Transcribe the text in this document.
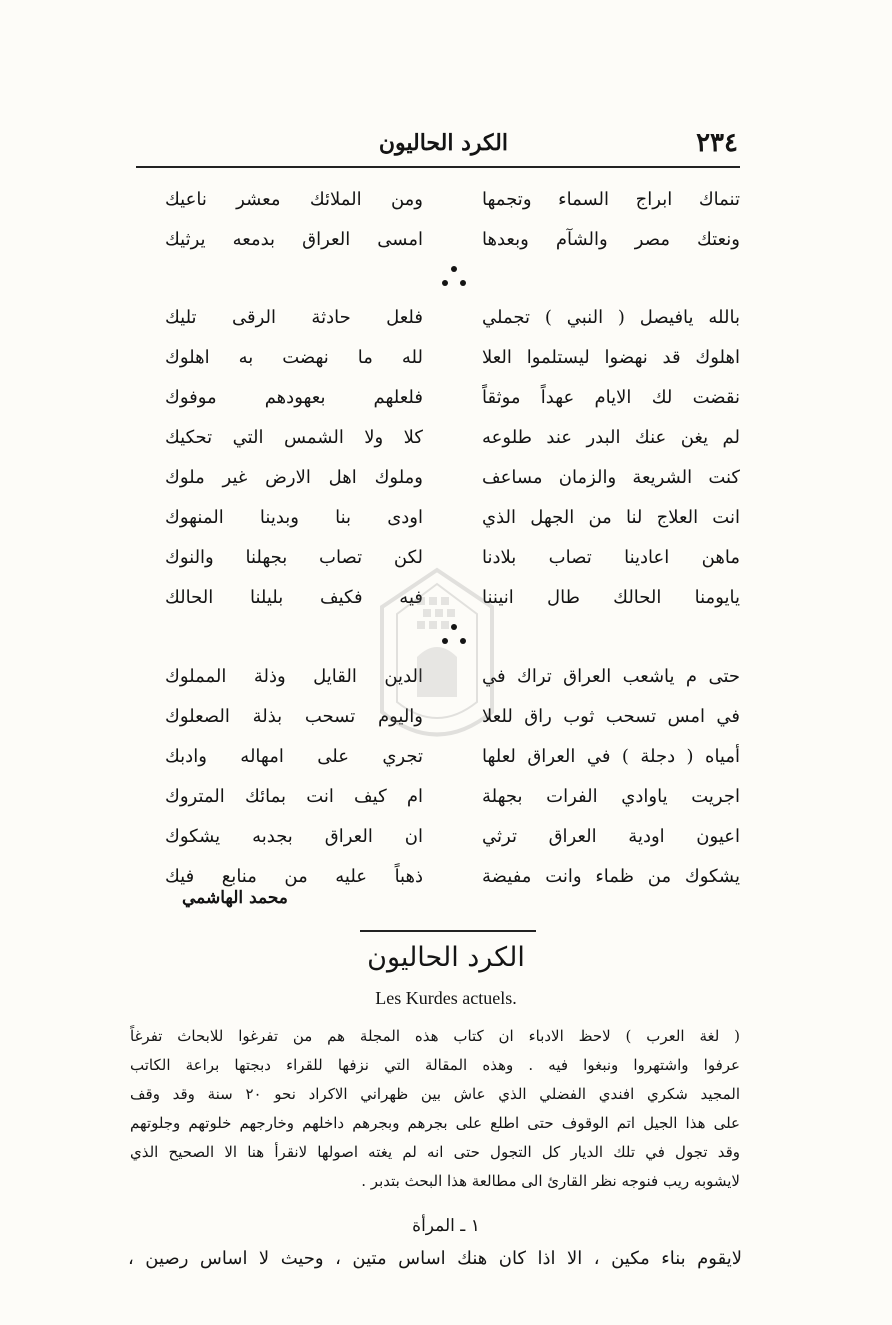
٢٣٤
الكرد الحاليون
تنماك ابراج السماء وتجمها
ومن الملائك معشر ناعيك
ونعتك مصر والشآم وبعدها
امسى العراق بدمعه يرثيك
بالله يافيصل ( النبي ) تجملي
فلعل حادثة الرقى تليك
اهلوك قد نهضوا ليستلموا العلا
لله ما نهضت به اهلوك
نقضت لك الايام عهداً موثقاً
فلعلهم بعهودهم موفوك
لم يغن عنك البدر عند طلوعه
كلا ولا الشمس التي تحكيك
كنت الشريعة والزمان مساعف
وملوك اهل الارض غير ملوك
انت العلاج لنا من الجهل الذي
اودى بنا وبدينا المنهوك
ماهن اعادينا تصاب بلادنا
لكن تصاب بجهلنا والنوك
يايومنا الحالك طال انيننا
فيه فكيف بليلنا الحالك
حتى م ياشعب العراق تراك في
الدين القايل وذلة المملوك
في امس تسحب ثوب راق للعلا
واليوم تسحب بذلة الصعلوك
أمياه ( دجلة ) في العراق لعلها
تجري على امهاله وادبك
اجريت ياوادي الفرات بجهلة
ام كيف انت بمائك المتروك
اعيون اودية العراق ترثي
ان العراق بجدبه يشكوك
يشكوك من ظماء وانت مفيضة
ذهباً عليه من منابع فيك
محمد الهاشمي
الكرد الحاليون
Les Kurdes actuels.
( لغة العرب ) لاحظ الادباء ان كتاب هذه المجلة هم من تفرغوا للابحاث تفرغاً
عرفوا واشتهروا ونبغوا فيه . وهذه المقالة التي نزفها للقراء دبجتها براعة الكاتب
المجيد شكري افندي الفضلي الذي عاش بين ظهراني الاكراد نحو ٢٠ سنة وقد وقف
على هذا الجيل اتم الوقوف حتى اطلع على بجرهم وبجرهم داخلهم وخارجهم خلوتهم وجلوتهم
وقد تجول في تلك الديار كل التجول حتى انه لم يغته اصولها لانقرأ هنا الا الصحيح الذي
لايشوبه ريب فنوجه نظر القارئ الى مطالعة هذا البحث بتدبر .
١ ـ المرأة
لايقوم بناء مكين ، الا اذا كان هنك اساس متين ، وحيث لا اساس رصين ،
